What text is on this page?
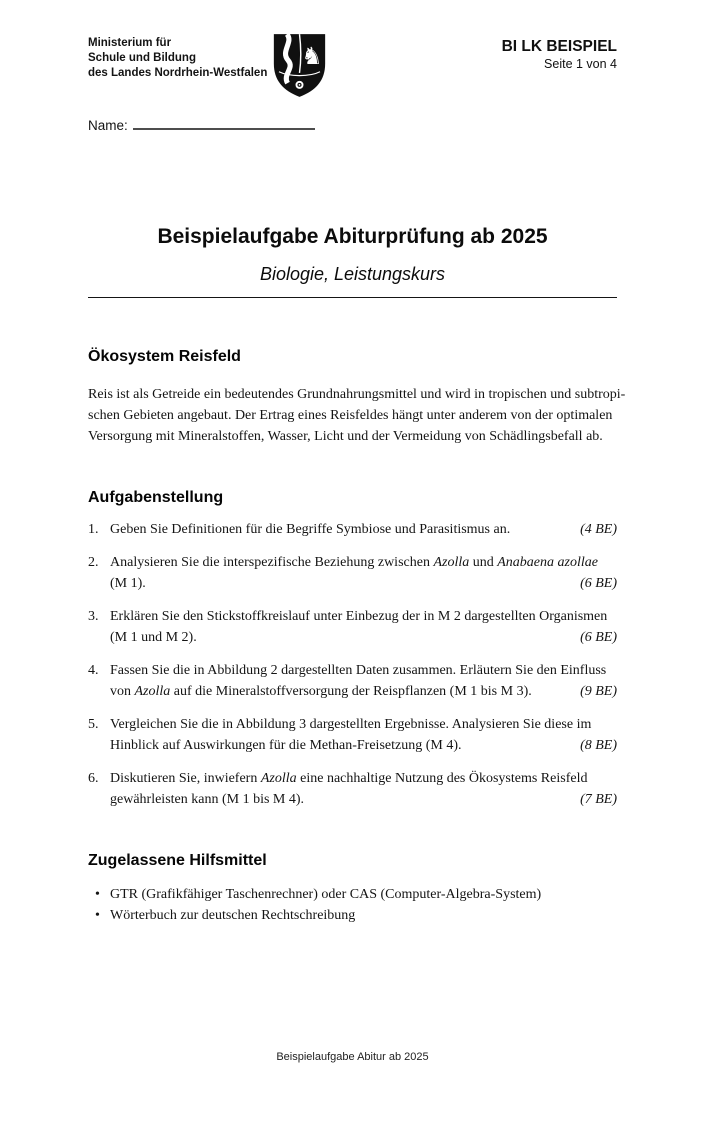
Ministerium für
Schule und Bildung
des Landes Nordrhein-Westfalen
♞	BI LK BEISPIEL
Seite 1 von 4
Name:
Beispielaufgabe Abiturprüfung ab 2025
Biologie, Leistungskurs
Ökosystem Reisfeld
Reis ist als Getreide ein bedeutendes Grundnahrungsmittel und wird in tropischen und subtropi-
schen Gebieten angebaut. Der Ertrag eines Reisfeldes hängt unter anderem von der optimalen
Versorgung mit Mineralstoffen, Wasser, Licht und der Vermeidung von Schädlingsbefall ab.
Aufgabenstellung
1. Geben Sie Definitionen für die Begriffe Symbiose und Parasitismus an.	(4 BE)
2. Analysieren Sie die interspezifische Beziehung zwischen Azolla und Anabaena azollae
(M 1).	(6 BE)
3. Erklären Sie den Stickstoffkreislauf unter Einbezug der in M 2 dargestellten Organismen
(M 1 und M 2).	(6 BE)
4. Fassen Sie die in Abbildung 2 dargestellten Daten zusammen. Erläutern Sie den Einfluss
von Azolla auf die Mineralstoffversorgung der Reispflanzen (M 1 bis M 3).	(9 BE)
5. Vergleichen Sie die in Abbildung 3 dargestellten Ergebnisse. Analysieren Sie diese im
Hinblick auf Auswirkungen für die Methan-Freisetzung (M 4).	(8 BE)
6. Diskutieren Sie, inwiefern Azolla eine nachhaltige Nutzung des Ökosystems Reisfeld
gewährleisten kann (M 1 bis M 4).	(7 BE)
Zugelassene Hilfsmittel
• GTR (Grafikfähiger Taschenrechner) oder CAS (Computer-Algebra-System)
• Wörterbuch zur deutschen Rechtschreibung
Beispielaufgabe Abitur ab 2025
